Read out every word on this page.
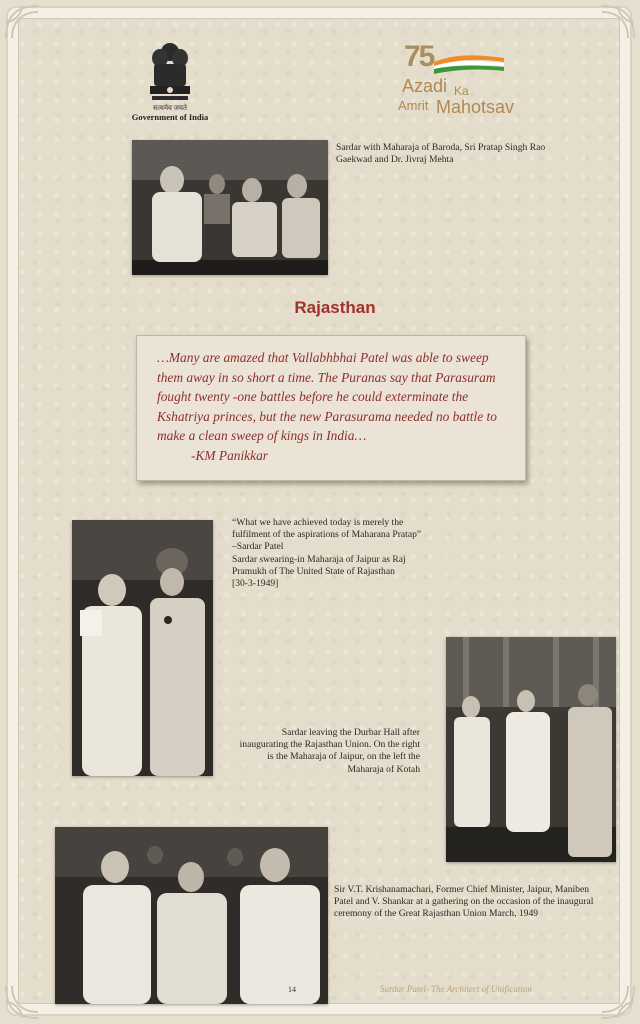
सत्यमेव जयते
Government of India
75
Azadi Ka
Amrit Mahotsav
Sardar with Maharaja of Baroda, Sri Pratap Singh Rao Gaekwad and Dr. Jivraj Mehta
Rajasthan
…Many are amazed that Vallabhbhai Patel was able to sweep them away in so short a time. The Puranas say that Parasuram fought twenty -one battles before he could exterminate the Kshatriya princes, but the new Parasurama needed no battle to make a clean sweep of kings in India…
-KM Panikkar
“What we have achieved today is merely the
fulfilment of the aspirations of Maharana Pratap”
–Sardar Patel
Sardar swearing-in Maharaja of Jaipur as Raj
Pramukh of The United State of Rajasthan
[30-3-1949]
Sardar leaving the Durbar Hall after inaugurating the Rajasthan Union. On the right is the Maharaja of Jaipur, on the left the Maharaja of Kotah
Sir V.T. Krishanamachari, Former Chief Minister, Jaipur, Maniben Patel and V. Shankar at a gathering on the occasion of the inaugural ceremony of the Great Rajasthan Union March, 1949
14	Sardar Patel- The Architect of Unification
